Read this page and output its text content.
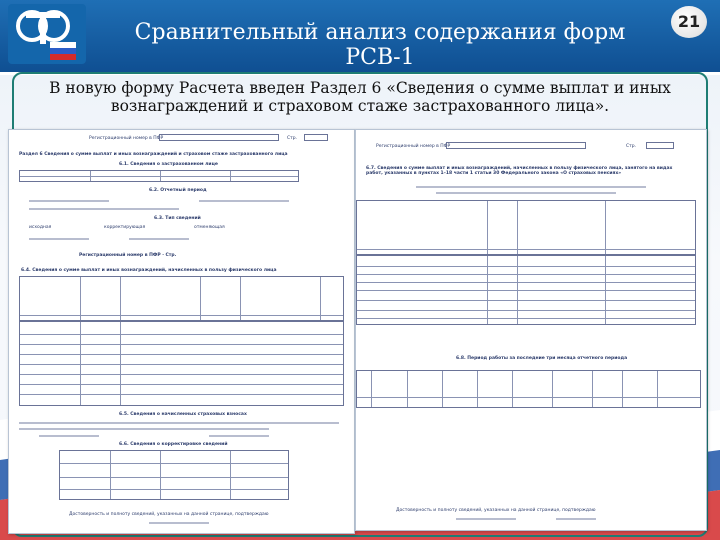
Сравнительный анализ содержания форм РСВ-1
21
В новую форму Расчета введен Раздел 6 «Сведения о сумме выплат и иных вознаграждений и страховом стаже застрахованного лица».
Регистрационный номер в ПФР	Стр.
Раздел 6 Сведения о сумме выплат и иных вознаграждений и страховом стаже застрахованного лица
6.1. Сведения о застрахованном лице
6.2. Отчетный период
6.3. Тип сведений
исходная	корректирующая	отменяющая
Регистрационный номер в ПФР · Стр.
6.4. Сведения о сумме выплат и иных вознаграждений, начисленных в пользу физического лица
6.5. Сведения о начисленных страховых взносах
6.6. Сведения о корректировке сведений
Достоверность и полноту сведений, указанных на данной странице, подтверждаю
Регистрационный номер в ПФР	Стр.
6.7. Сведения о сумме выплат и иных вознаграждений, начисленных в пользу физического лица, занятого на видах работ, указанных в пунктах 1–18 части 1 статьи 30 Федерального закона «О страховых пенсиях»
6.8. Период работы за последние три месяца отчетного периода
Достоверность и полноту сведений, указанных на данной странице, подтверждаю
